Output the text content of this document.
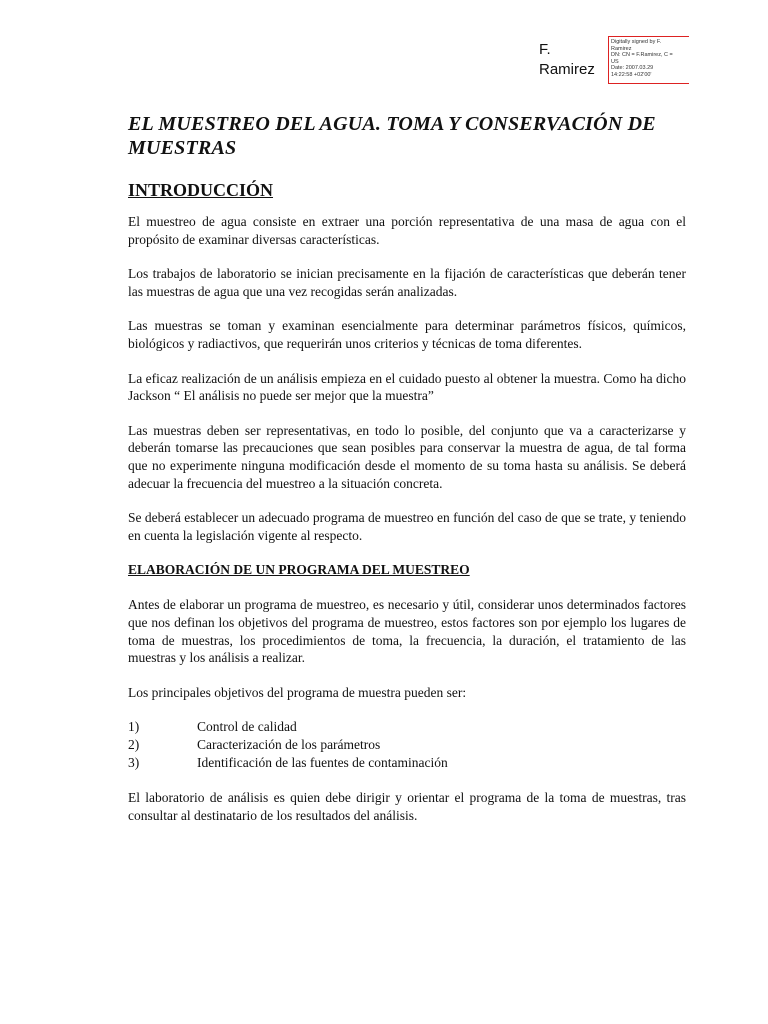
F.
Ramirez
Digitally signed by F.
Ramirez
DN: CN = F.Ramirez, C =
US
Date: 2007.03.29
14:22:58 +02'00'
EL MUESTREO DEL AGUA. TOMA Y CONSERVACIÓN DE MUESTRAS
INTRODUCCIÓN

El muestreo de agua consiste en extraer una porción representativa de una masa de agua con el propósito de examinar diversas características.

Los trabajos de laboratorio se inician precisamente en la fijación de características que deberán tener las muestras de agua que una vez recogidas serán analizadas.

Las muestras se toman y examinan esencialmente para determinar parámetros físicos, químicos, biológicos y radiactivos, que requerirán unos criterios y técnicas de toma diferentes.

La eficaz realización de un análisis empieza en el cuidado puesto al obtener la muestra. Como ha dicho Jackson “ El análisis no puede ser mejor que la muestra”

Las muestras deben ser representativas, en todo lo posible, del conjunto que va a caracterizarse y deberán tomarse las precauciones que sean posibles para conservar la muestra de agua, de tal forma que no experimente ninguna modificación desde el momento de su toma hasta su análisis. Se deberá adecuar la frecuencia del muestreo a la situación concreta.

Se deberá establecer un adecuado programa de muestreo en función del caso de que se trate, y teniendo en cuenta la legislación vigente al respecto.

ELABORACIÓN DE UN PROGRAMA DEL MUESTREO

Antes de elaborar un programa de muestreo, es necesario y útil, considerar unos determinados factores que nos definan los objetivos del programa de muestreo, estos factores son por ejemplo los lugares de toma de muestras, los procedimientos de toma, la frecuencia, la duración, el tratamiento de las muestras y los análisis a realizar.

Los principales objetivos del programa de muestra pueden ser:

1)	Control de calidad
2)	Caracterización de los parámetros
3)	Identificación de las fuentes de contaminación

El laboratorio de análisis es quien debe dirigir y orientar el programa de la toma de muestras, tras consultar al destinatario de los resultados del análisis.
